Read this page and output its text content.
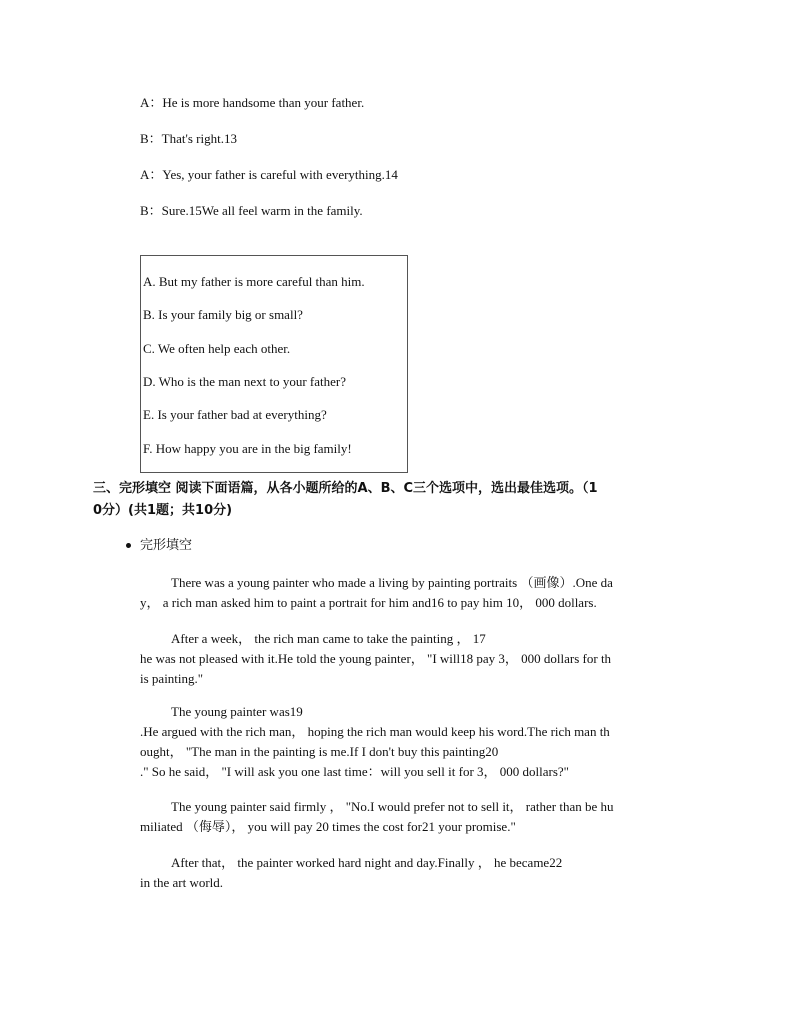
A：He is more handsome than your father.
B：That's right.13
A：Yes, your father is careful with everything.14
B：Sure.15We all feel warm in the family.
A. But my father is more careful than him.
B. Is your family big or small?
C. We often help each other.
D. Who is the man next to your father?
E. Is your father bad at everything?
F. How happy you are in the big family!
三、完形填空 阅读下面语篇，从各小题所给的A、B、C三个选项中，选出最佳选项。（1
0分）(共1题；共10分)
完形填空
There was a young painter who made a living by painting portraits （画像）.One da
y， a rich man asked him to paint a portrait for him and16 to pay him 10， 000 dollars.
After a week， the rich man came to take the painting ， 17
he was not pleased with it.He told the young painter， "I will18 pay 3， 000 dollars for th
is painting."
The young painter was19
.He argued with the rich man， hoping the rich man would keep his word.The rich man th
ought， "The man in the painting is me.If I don't buy this painting20
." So he said， "I will ask you one last time：will you sell it for 3， 000 dollars?"
The young painter said firmly ， "No.I would prefer not to sell it， rather than be hu
miliated （侮辱）， you will pay 20 times the cost for21 your promise."
After that， the painter worked hard night and day.Finally ， he became22
in the art world.
